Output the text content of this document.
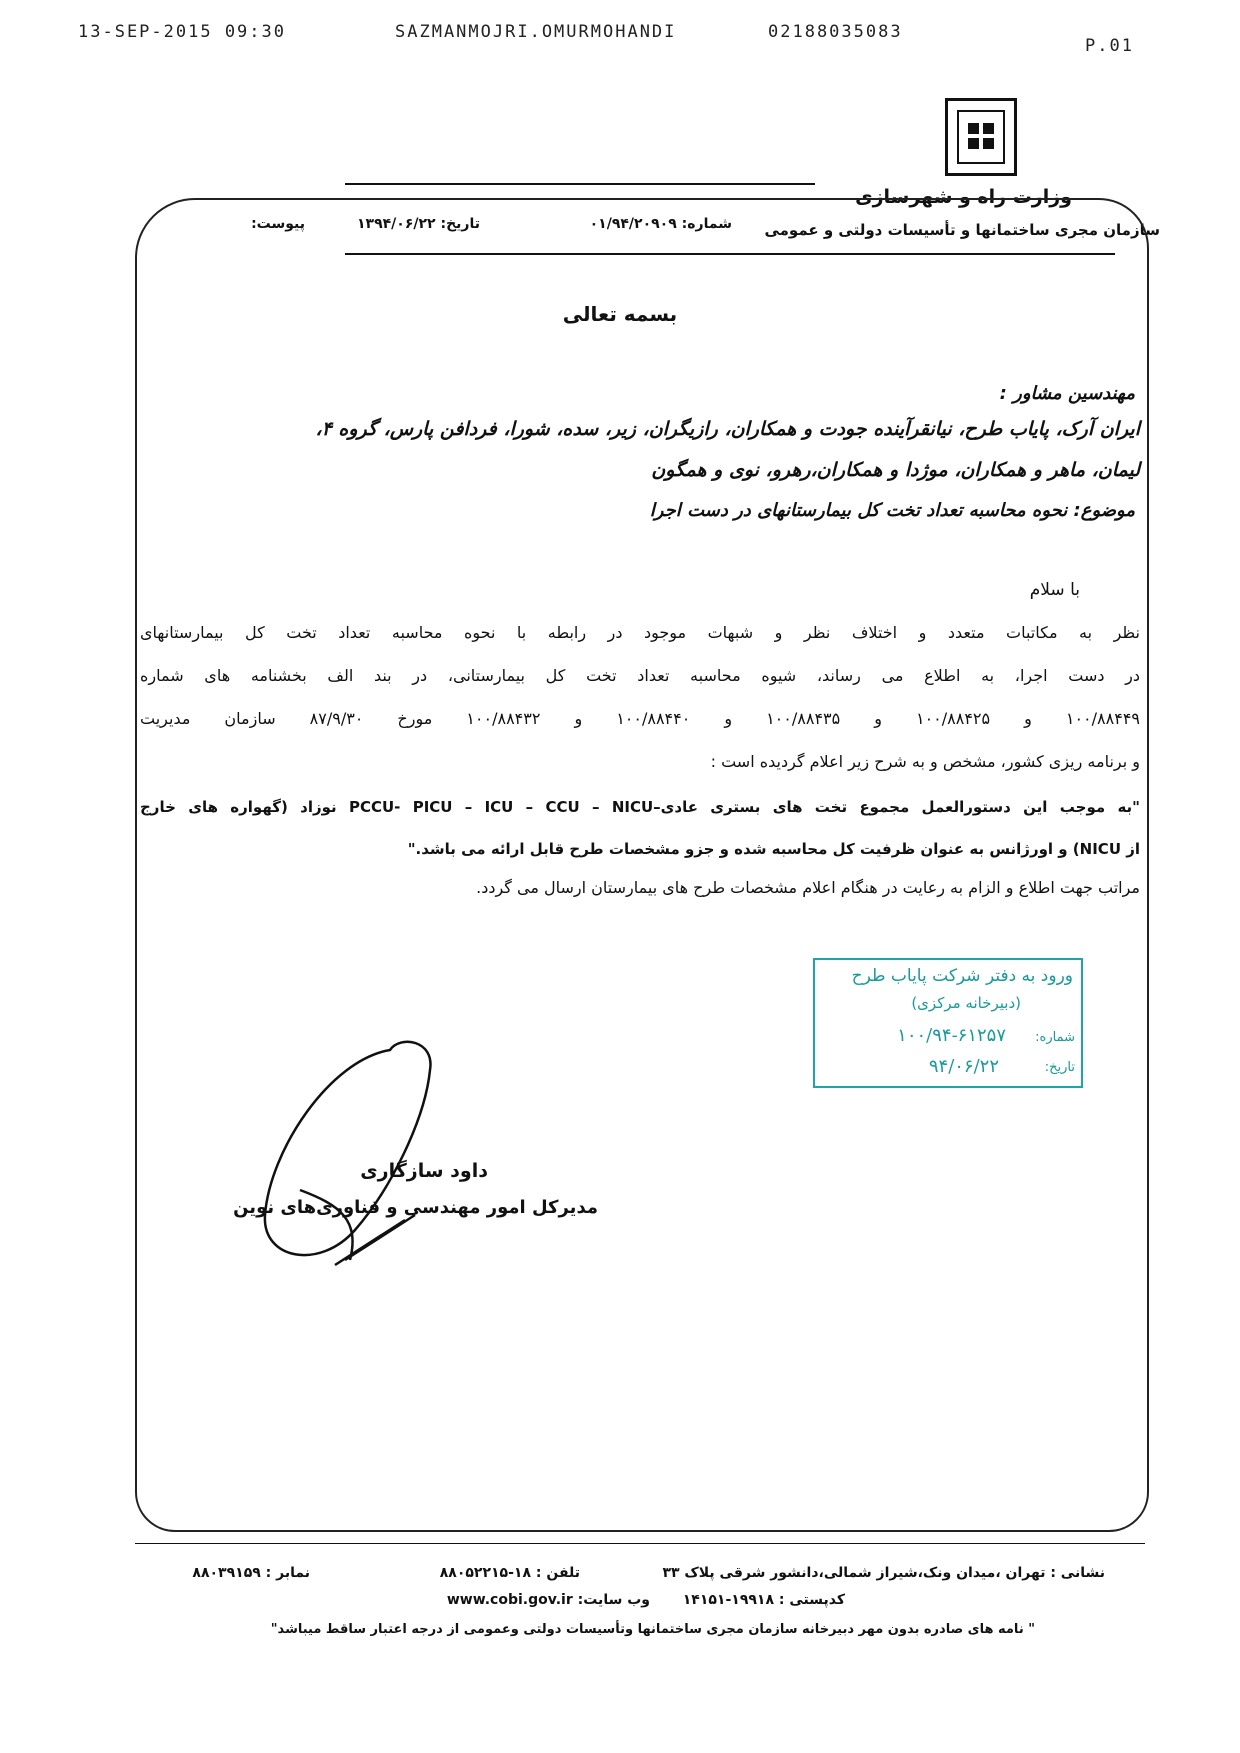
13-SEP-2015 09:30	SAZMANMOJRI.OMURMOHANDI	02188035083
P.01
وزارت راه و شهرسازی
سازمان مجری ساختمانها و تأسیسات دولتی و عمومی
شماره: ۰۱/۹۴/۲۰۹۰۹
تاریخ: ۱۳۹۴/۰۶/۲۲
پیوست:
بسمه تعالی
مهندسین مشاور :
ایران آرک، پایاب طرح، نیانقرآینده جودت و همکاران، رازیگران، زیر، سده، شورا، فردافن پارس، گروه ۴،
لیمان، ماهر و همکاران، موژدا و همکاران،رهرو، نوی و همگون
موضوع: نحوه محاسبه تعداد تخت کل بیمارستانهای در دست اجرا
با سلام
نظر به مکاتبات متعدد و اختلاف نظر و شبهات موجود در رابطه با نحوه محاسبه تعداد تخت کل بیمارستانهای
در دست اجرا، به اطلاع می رساند، شیوه محاسبه تعداد تخت کل بیمارستانی، در بند الف بخشنامه های شماره
۱۰۰/۸۸۴۴۹ و ۱۰۰/۸۸۴۲۵ و ۱۰۰/۸۸۴۳۵ و ۱۰۰/۸۸۴۴۰ و ۱۰۰/۸۸۴۳۲ مورخ ۸۷/۹/۳۰ سازمان مدیریت
و برنامه ریزی کشور، مشخص و به شرح زیر اعلام گردیده است :
"به موجب این دستورالعمل مجموع تخت های بستری عادی–PCCU- PICU – ICU – CCU – NICU نوزاد (گهواره های خارج
از NICU) و اورژانس به عنوان ظرفیت کل محاسبه شده و جزو مشخصات طرح قابل ارائه می باشد."
مراتب جهت اطلاع و الزام به رعایت در هنگام اعلام مشخصات طرح های بیمارستان ارسال می گردد.
ورود به دفتر شرکت پایاب طرح
(دبیرخانه مرکزی)
شماره:
۱۰۰/۹۴-۶۱۲۵۷
تاریخ:
۹۴/۰۶/۲۲
داود سازگاری
مدیرکل امور مهندسی و فناوری‌های نوین
نشانی : تهران ،میدان ونک،شیراز شمالی،دانشور شرقی پلاک ۳۳
کدپستی : ۱۹۹۱۸-۱۴۱۵۱
تلفن : ۱۸-۸۸۰۵۲۲۱۵
وب سایت: www.cobi.gov.ir
نمابر : ۸۸۰۳۹۱۵۹
" نامه های صادره بدون مهر دبیرخانه سازمان مجری ساختمانها وتأسیسات دولتی وعمومی از درجه اعتبار ساقط میباشد"
